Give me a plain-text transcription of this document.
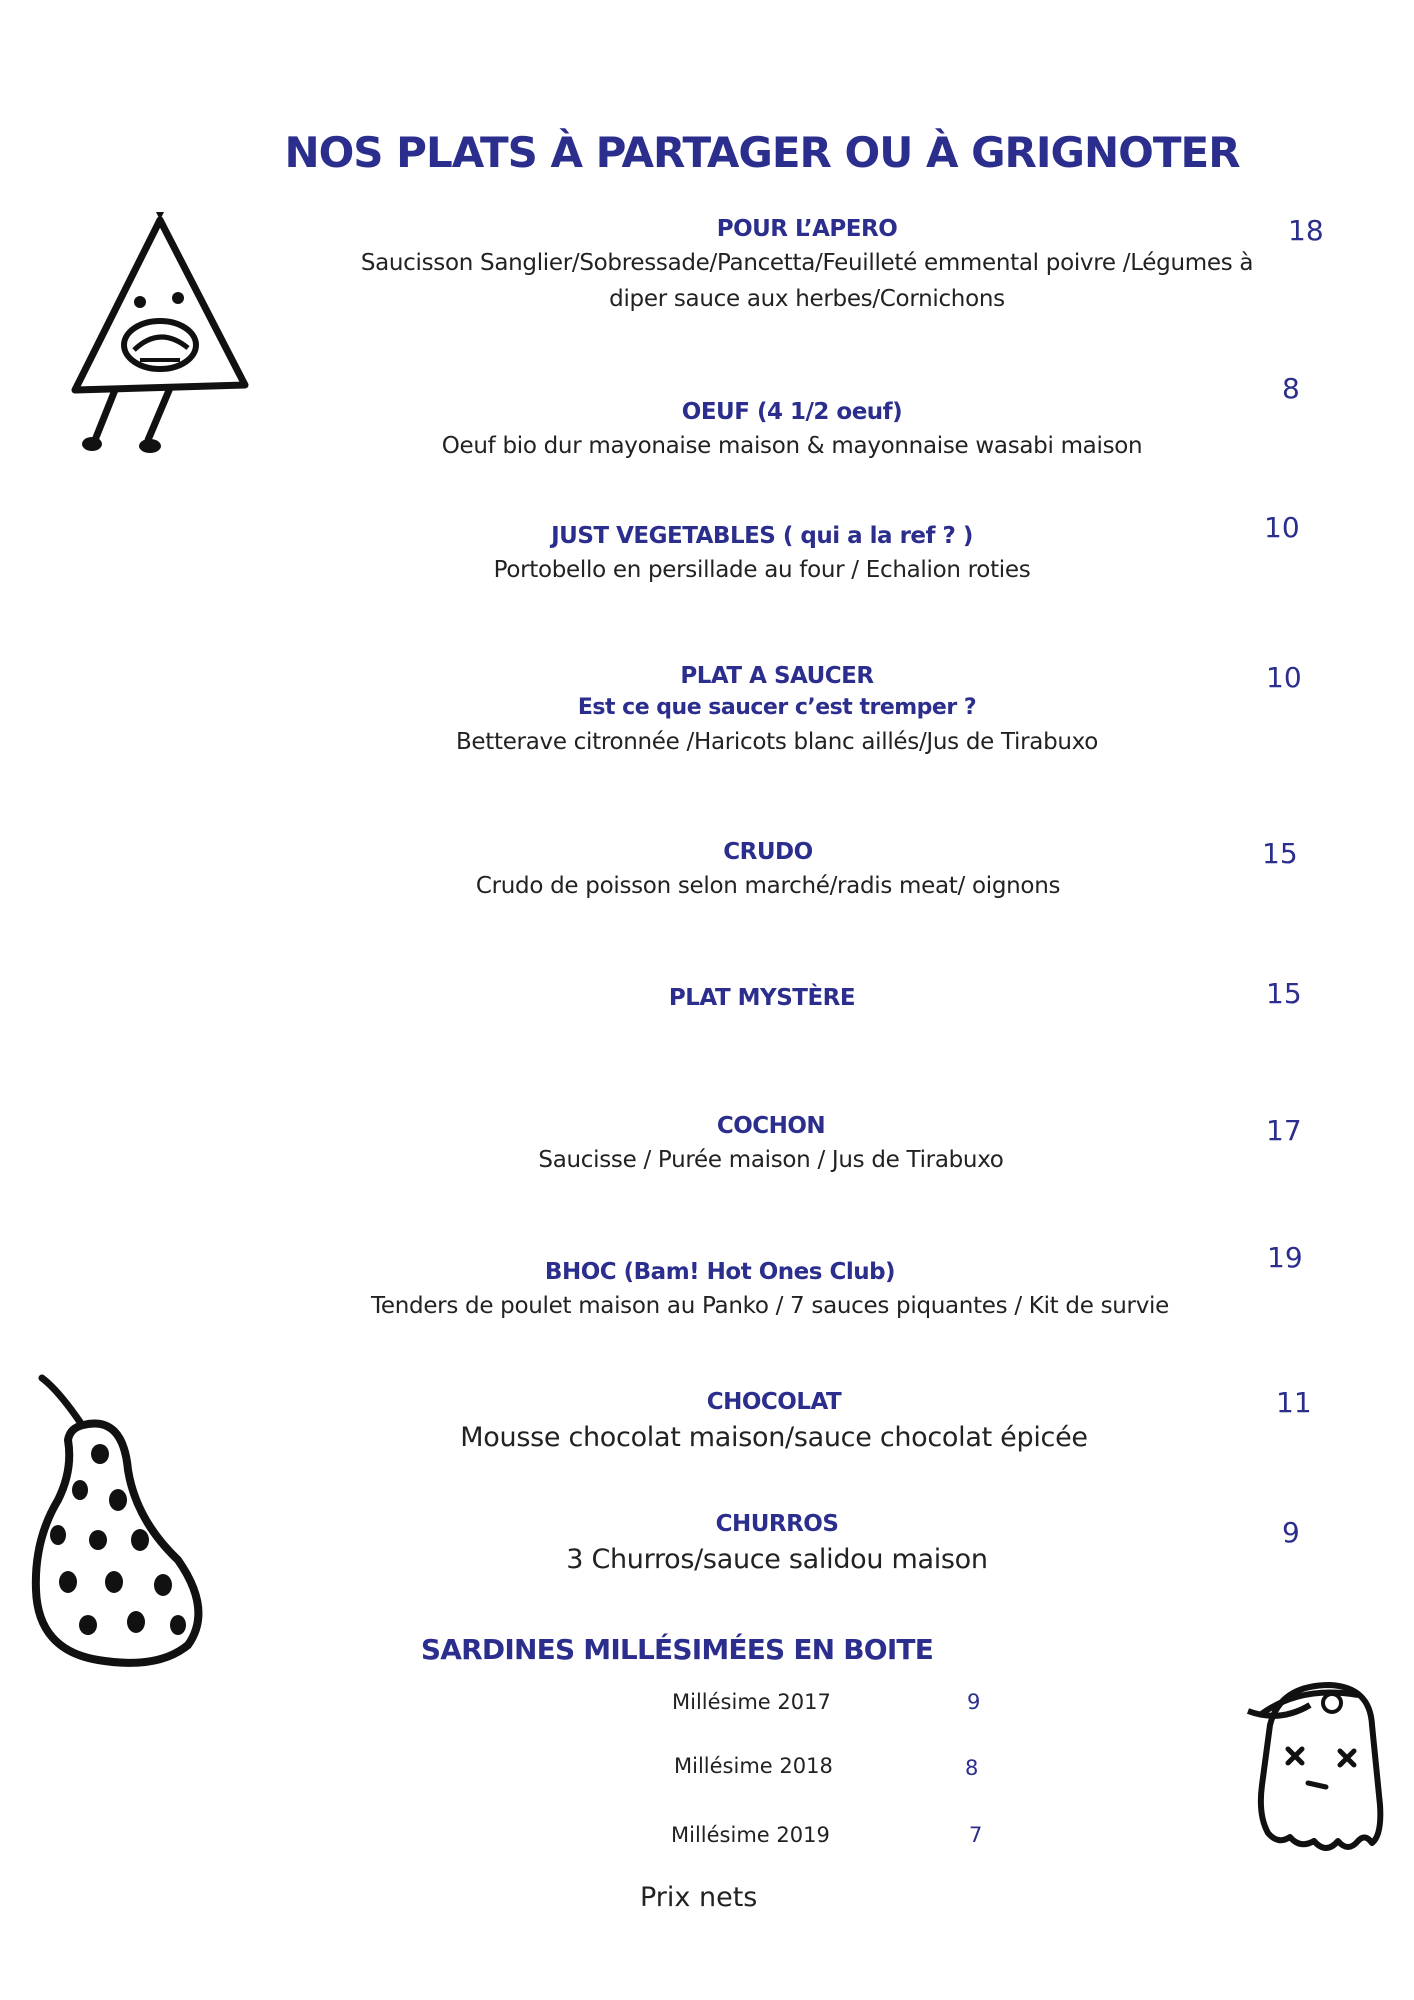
NOS PLATS À PARTAGER OU À GRIGNOTER
POUR L’APERO
Saucisson Sanglier/Sobressade/Pancetta/Feuilleté emmental poivre /Légumes à
diper sauce aux herbes/Cornichons
18
OEUF (4 1/2 oeuf)
Oeuf bio dur mayonaise maison & mayonnaise wasabi maison
8
JUST VEGETABLES ( qui a la ref ? )
Portobello en persillade au four / Echalion roties
10
PLAT A SAUCER
Est ce que saucer c’est tremper ?
Betterave citronnée /Haricots blanc aillés/Jus de Tirabuxo
10
CRUDO
Crudo de poisson selon marché/radis meat/ oignons
15
PLAT MYSTÈRE	15
COCHON
Saucisse / Purée maison / Jus de Tirabuxo
17
BHOC (Bam! Hot Ones Club)
Tenders de poulet maison au Panko / 7 sauces piquantes / Kit de survie
19
CHOCOLAT
Mousse chocolat maison/sauce chocolat épicée
11
CHURROS
3 Churros/sauce salidou maison
9
SARDINES MILLÉSIMÉES EN BOITE
Millésime 2017	9
Millésime 2018	8
Millésime 2019	7
Prix nets
